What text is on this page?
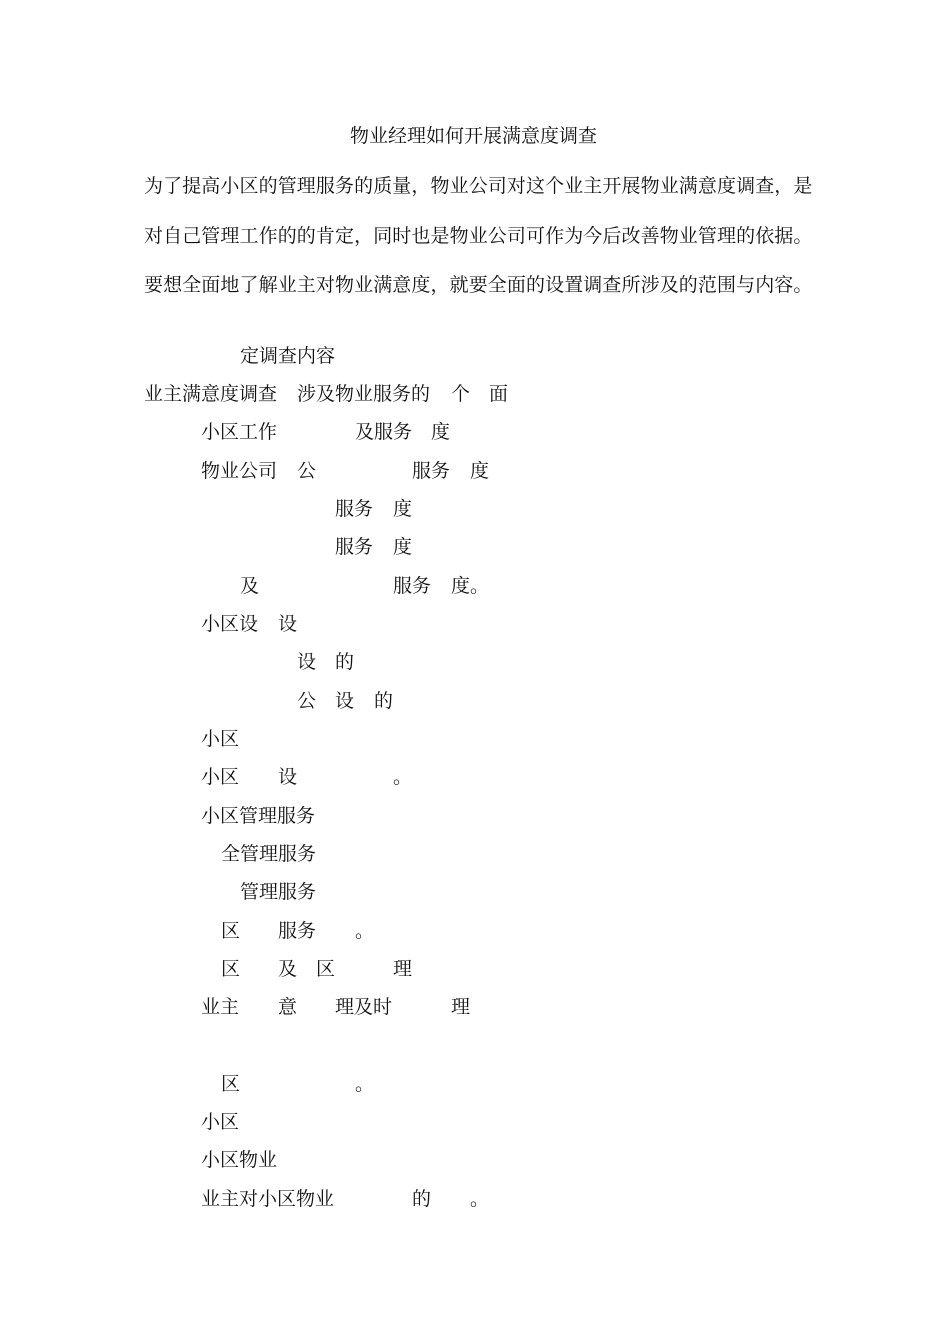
物业经理如何开展满意度调查
为了提高小区的管理服务的质量，物业公司对这个业主开展物业满意度调查，是
对自己管理工作的的肯定，同时也是物业公司可作为今后改善物业管理的依据。
要想全面地了解业主对物业满意度，就要全面的设置调查所涉及的范围与内容。
定调查内容
业主满意度调查 涉及物业服务的 个 面
小区工作	及服务 度
物业公司 公	服务 度
服务 度
服务 度
及	服务 度。
小区设 设
设 的
公 设 的
小区
小区 设	。
小区管理服务
全管理服务
管理服务
区 服务 。
区 及 区	理
业主 意 理及时	理
区	。
小区
小区物业
业主对小区物业	的 。
